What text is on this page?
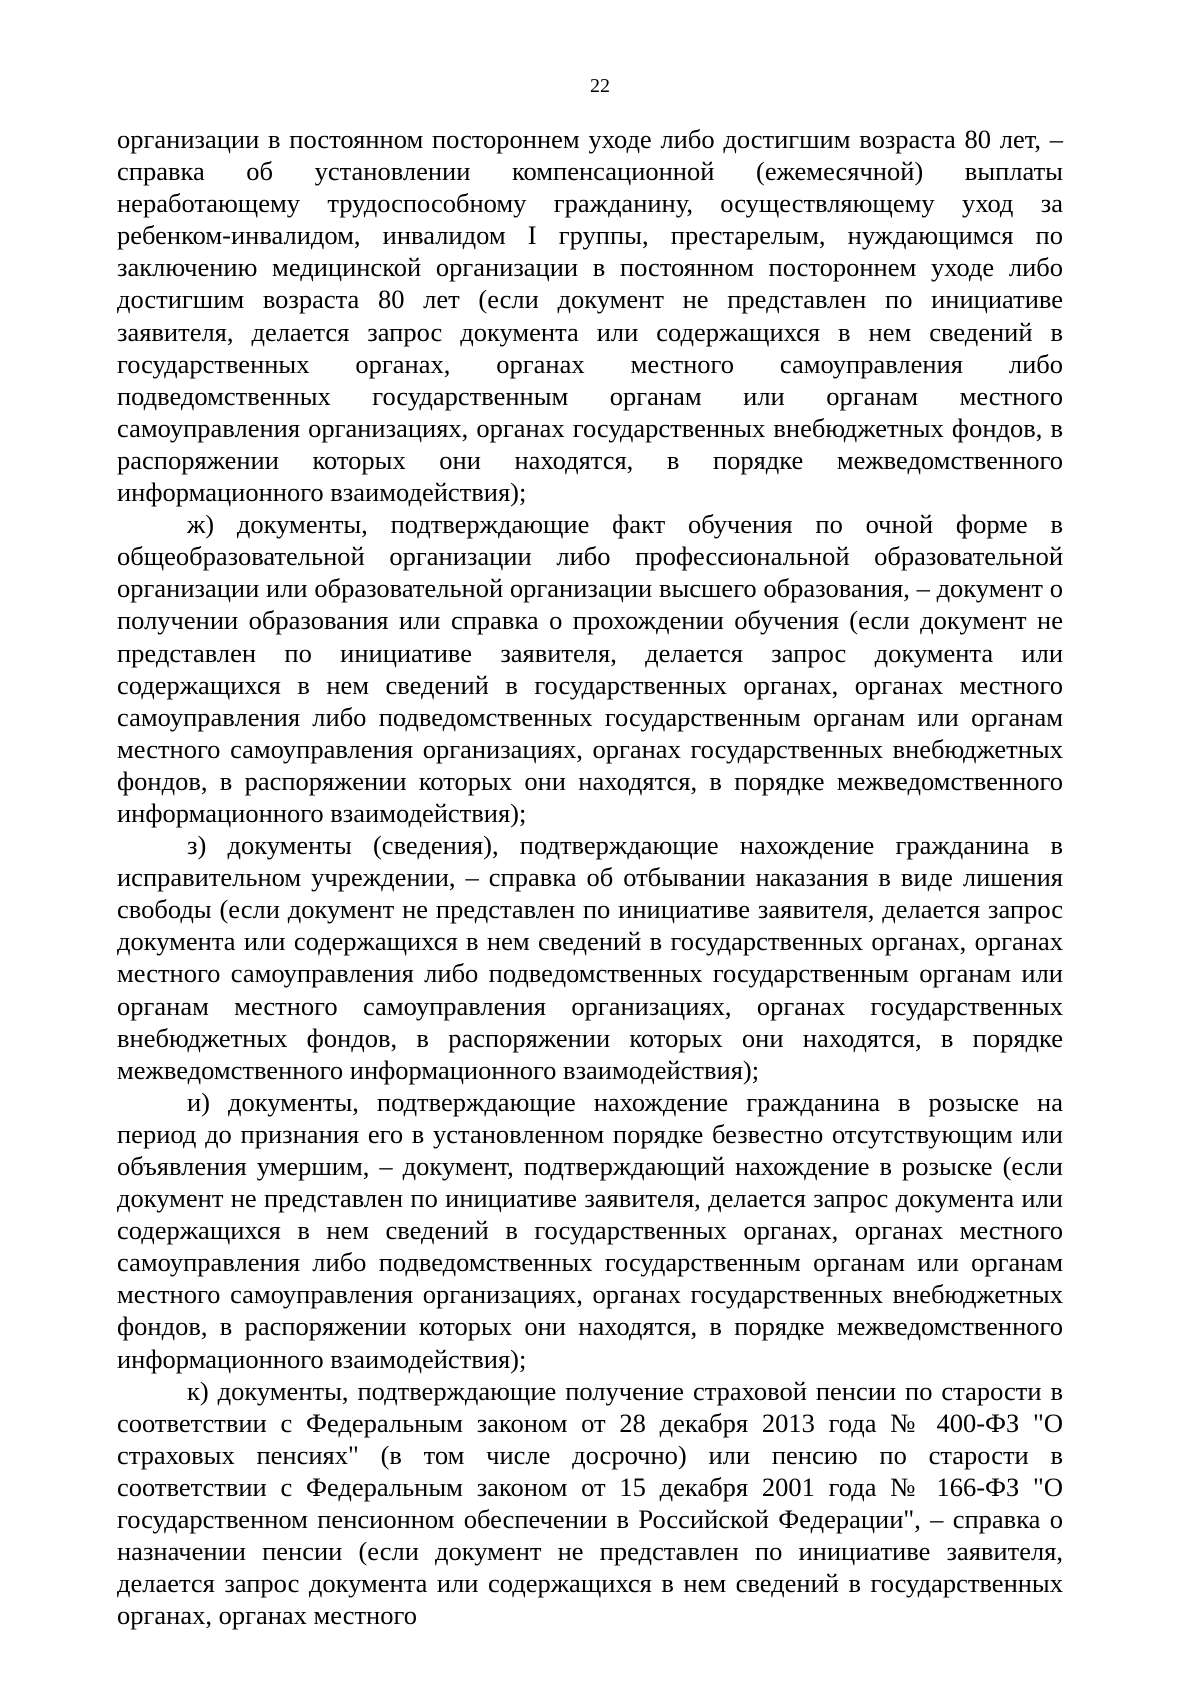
22

организации в постоянном постороннем уходе либо достигшим возраста 80 лет, – справка об установлении компенсационной (ежемесячной) выплаты неработающему трудоспособному гражданину, осуществляющему уход за ребенком-инвалидом, инвалидом I группы, престарелым, нуждающимся по заключению медицинской организации в постоянном постороннем уходе либо достигшим возраста 80 лет (если документ не представлен по инициативе заявителя, делается запрос документа или содержащихся в нем сведений в государственных органах, органах местного самоуправления либо подведомственных государственным органам или органам местного самоуправления организациях, органах государственных внебюджетных фондов, в распоряжении которых они находятся, в порядке межведомственного информационного взаимодействия);

ж) документы, подтверждающие факт обучения по очной форме в общеобразовательной организации либо профессиональной образовательной организации или образовательной организации высшего образования, – документ о получении образования или справка о прохождении обучения (если документ не представлен по инициативе заявителя, делается запрос документа или содержащихся в нем сведений в государственных органах, органах местного самоуправления либо подведомственных государственным органам или органам местного самоуправления организациях, органах государственных внебюджетных фондов, в распоряжении которых они находятся, в порядке межведомственного информационного взаимодействия);

з) документы (сведения), подтверждающие нахождение гражданина в исправительном учреждении, – справка об отбывании наказания в виде лишения свободы (если документ не представлен по инициативе заявителя, делается запрос документа или содержащихся в нем сведений в государственных органах, органах местного самоуправления либо подведомственных государственным органам или органам местного самоуправления организациях, органах государственных внебюджетных фондов, в распоряжении которых они находятся, в порядке межведомственного информационного взаимодействия);

и) документы, подтверждающие нахождение гражданина в розыске на период до признания его в установленном порядке безвестно отсутствующим или объявления умершим, – документ, подтверждающий нахождение в розыске (если документ не представлен по инициативе заявителя, делается запрос документа или содержащихся в нем сведений в государственных органах, органах местного самоуправления либо подведомственных государственным органам или органам местного самоуправления организациях, органах государственных внебюджетных фондов, в распоряжении которых они находятся, в порядке межведомственного информационного взаимодействия);

к) документы, подтверждающие получение страховой пенсии по старости в соответствии с Федеральным законом от 28 декабря 2013 года № 400-ФЗ "О страховых пенсиях" (в том числе досрочно) или пенсию по старости в соответствии с Федеральным законом от 15 декабря 2001 года № 166-ФЗ "О государственном пенсионном обеспечении в Российской Федерации", – справка о назначении пенсии (если документ не представлен по инициативе заявителя, делается запрос документа или содержащихся в нем сведений в государственных органах, органах местного
